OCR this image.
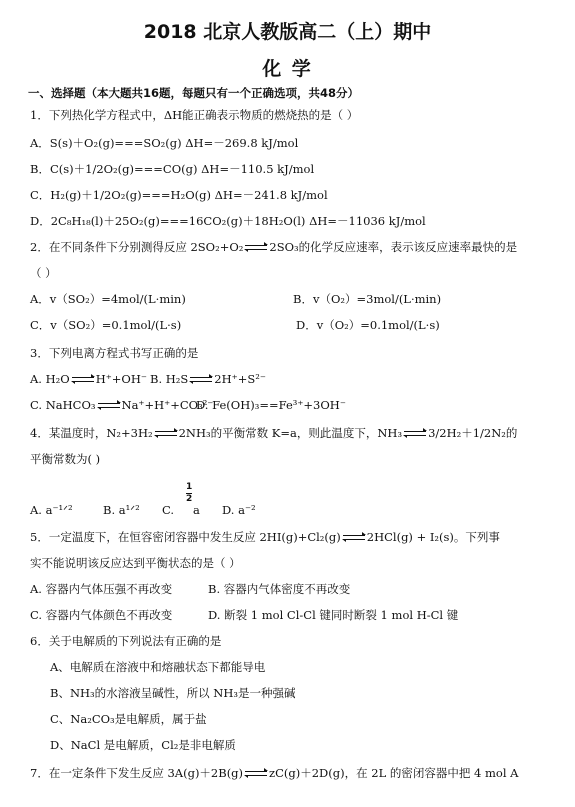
2018 北京人教版高二（上）期中
化 学
一、选择题（本大题共16题，每题只有一个正确选项，共48分）
1．下列热化学方程式中，ΔH能正确表示物质的燃烧热的是（ ）
A．S(s)＋O₂(g)===SO₂(g) ΔH=－269.8 kJ/mol
B．C(s)＋1/2O₂(g)===CO(g) ΔH=－110.5 kJ/mol
C．H₂(g)＋1/2O₂(g)===H₂O(g) ΔH=－241.8 kJ/mol
D．2C₈H₁₈(l)＋25O₂(g)===16CO₂(g)＋18H₂O(l) ΔH=－11036 kJ/mol
2．在不同条件下分别测得反应 2SO₂+O₂ 2SO₃的化学反应速率，表示该反应速率最快的是
（ ）
A．v（SO₂）=4mol/(L·min)	B．v（O₂）=3mol/(L·min)
C．v（SO₂）=0.1mol/(L·s)	D．v（O₂）=0.1mol/(L·s)
3．下列电离方程式书写正确的是
A. H₂O H⁺+OH⁻ B. H₂S 2H⁺+S²⁻
C. NaHCO₃ Na⁺+H⁺+CO₃²⁻
D. Fe(OH)₃==Fe³⁺+3OH⁻
4．某温度时，N₂+3H₂ 2NH₃的平衡常数 K=a，则此温度下，NH₃ 3/2H₂＋1/2N₂的
平衡常数为( )
A. a⁻¹ᐟ²	B. a¹ᐟ² C.
1
2
a D. a⁻²
5．一定温度下，在恒容密闭容器中发生反应 2HI(g)+Cl₂(g) 2HCl(g) + I₂(s)。下列事
实不能说明该反应达到平衡状态的是（ ）
A. 容器内气体压强不再改变	B. 容器内气体密度不再改变
C. 容器内气体颜色不再改变	D. 断裂 1 mol Cl-Cl 键同时断裂 1 mol H-Cl 键
6．关于电解质的下列说法有正确的是
A、电解质在溶液中和熔融状态下都能导电
B、NH₃的水溶液呈碱性，所以 NH₃是一种强碱
C、Na₂CO₃是电解质，属于盐
D、NaCl 是电解质，Cl₂是非电解质
7．在一定条件下发生反应 3A(g)＋2B(g) zC(g)＋2D(g)，在 2L 的密闭容器中把 4 mol A
